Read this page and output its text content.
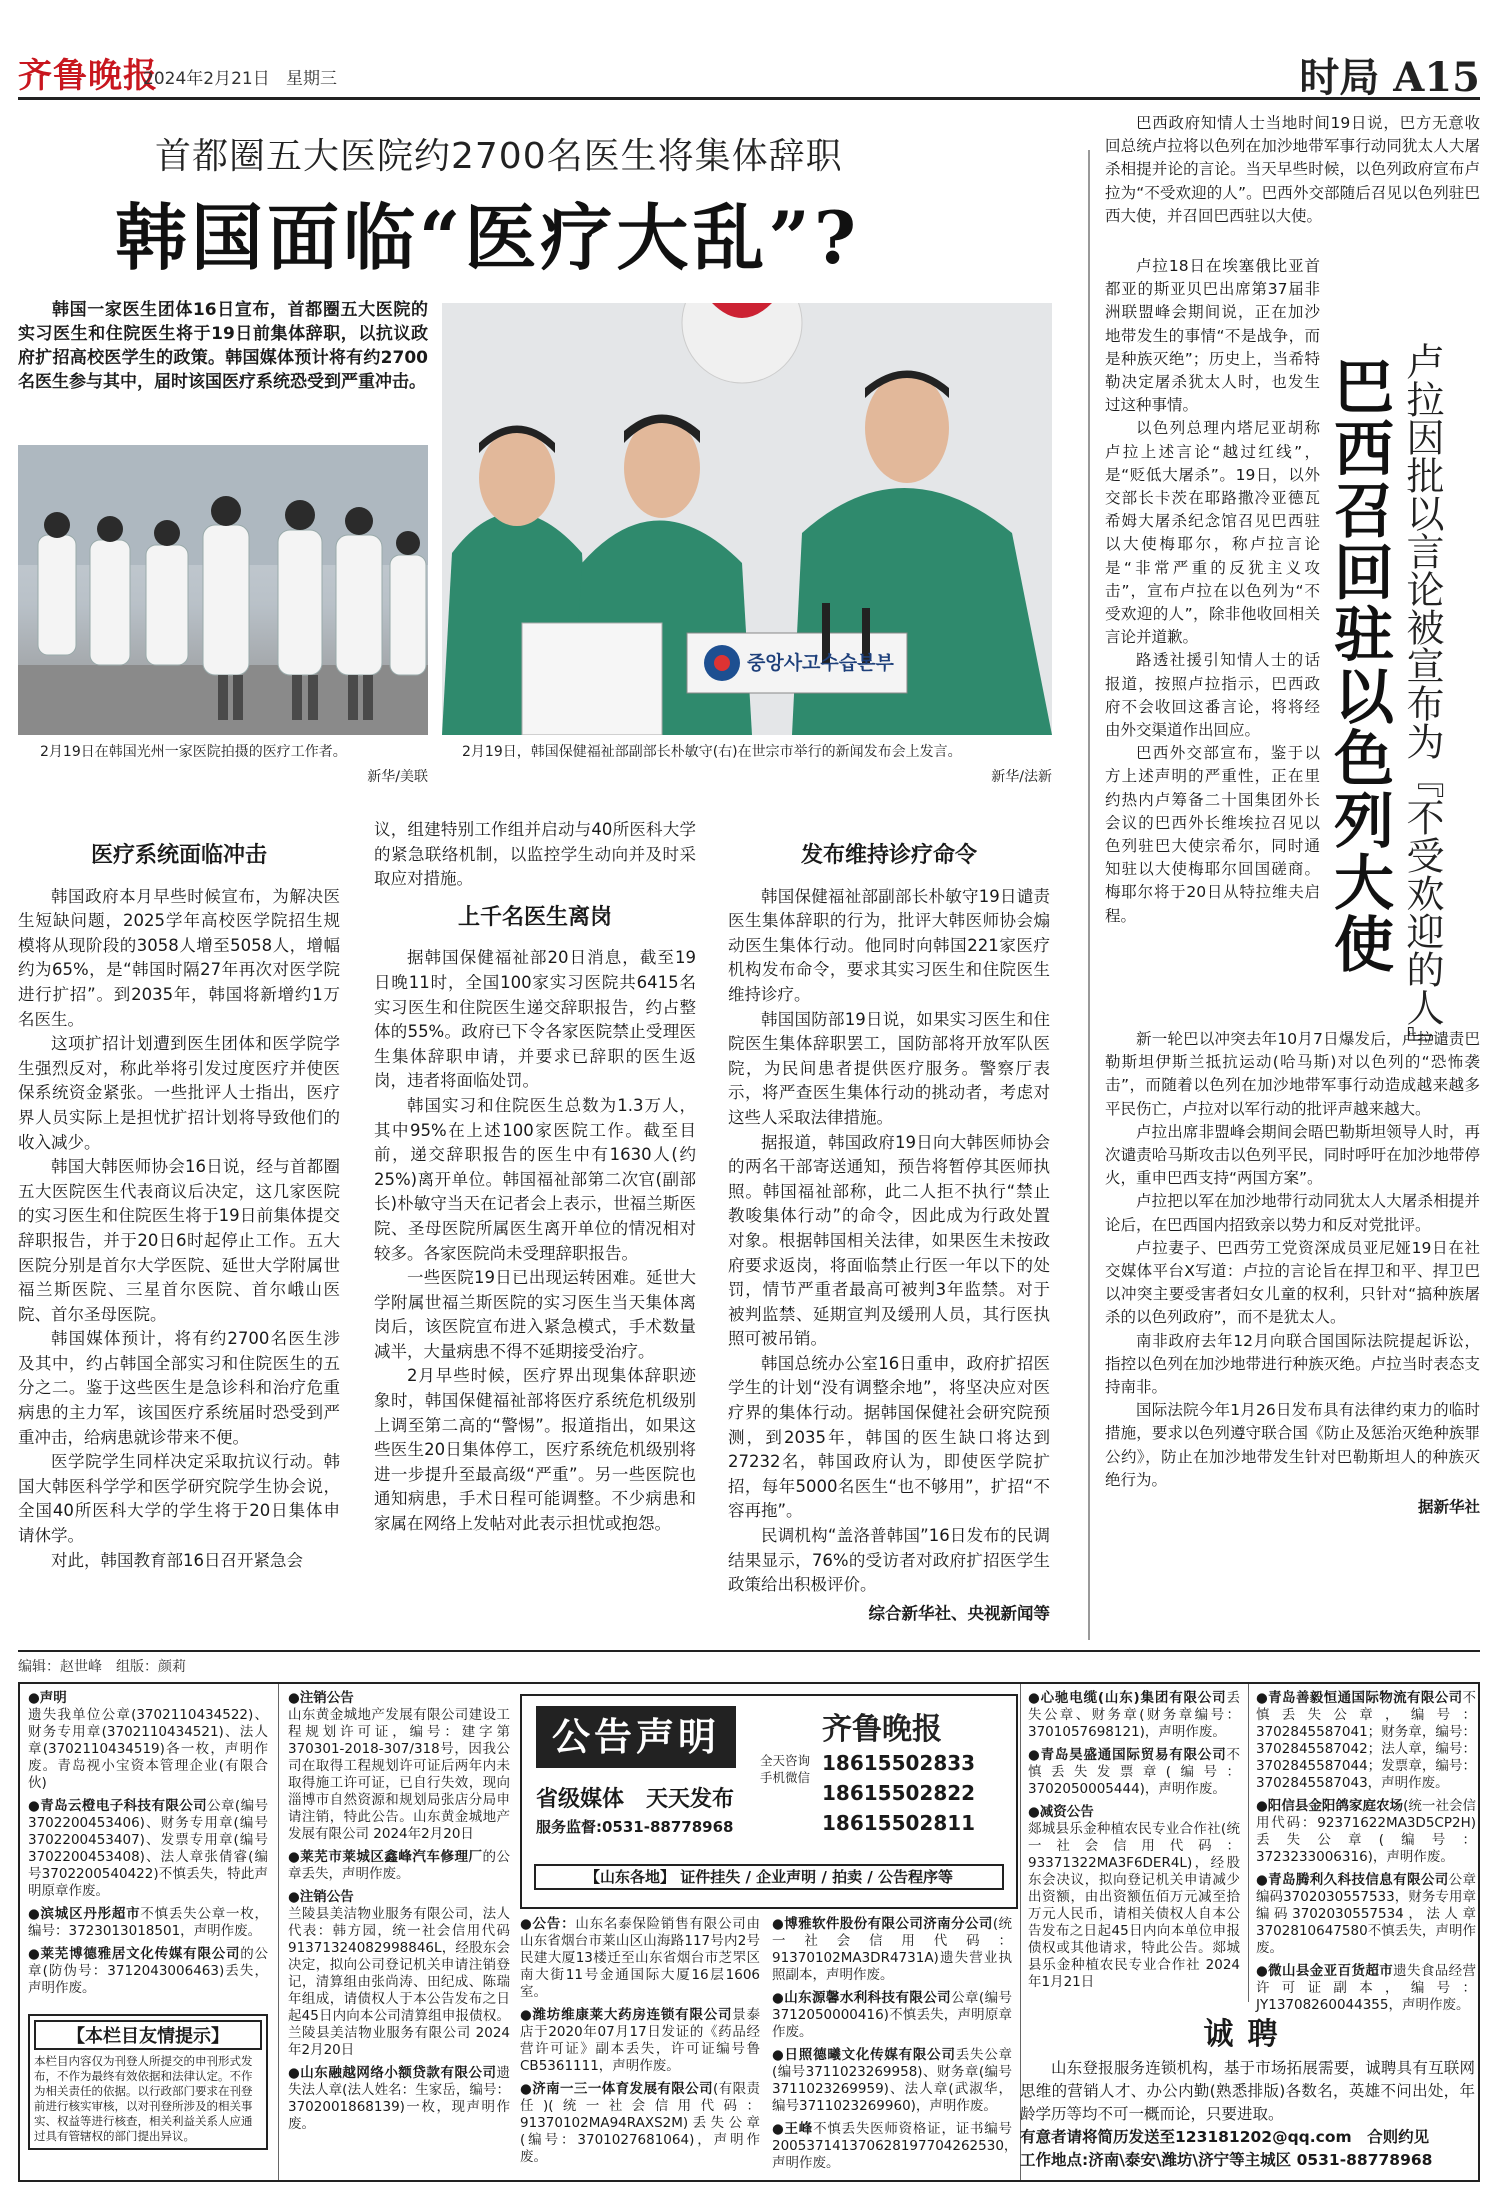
齐鲁晚报
2024年2月21日 星期三	时局 A15
首都圈五大医院约2700名医生将集体辞职
韩国面临“医疗大乱”?
韩国一家医生团体16日宣布，首都圈五大医院的实习医生和住院医生将于19日前集体辞职，以抗议政府扩招高校医学生的政策。韩国媒体预计将有约2700名医生参与其中，届时该国医疗系统恐受到严重冲击。
2月19日在韩国光州一家医院拍摄的医疗工作者。
新华/美联
중앙사고수습본부
2月19日，韩国保健福祉部副部长朴敏守(右)在世宗市举行的新闻发布会上发言。
新华/法新
医疗系统面临冲击

韩国政府本月早些时候宣布，为解决医生短缺问题，2025学年高校医学院招生规模将从现阶段的3058人增至5058人，增幅约为65%，是“韩国时隔27年再次对医学院进行扩招”。到2035年，韩国将新增约1万名医生。

这项扩招计划遭到医生团体和医学院学生强烈反对，称此举将引发过度医疗并使医保系统资金紧张。一些批评人士指出，医疗界人员实际上是担忧扩招计划将导致他们的收入减少。

韩国大韩医师协会16日说，经与首都圈五大医院医生代表商议后决定，这几家医院的实习医生和住院医生将于19日前集体提交辞职报告，并于20日6时起停止工作。五大医院分别是首尔大学医院、延世大学附属世福兰斯医院、三星首尔医院、首尔峨山医院、首尔圣母医院。

韩国媒体预计，将有约2700名医生涉及其中，约占韩国全部实习和住院医生的五分之二。鉴于这些医生是急诊科和治疗危重病患的主力军，该国医疗系统届时恐受到严重冲击，给病患就诊带来不便。

医学院学生同样决定采取抗议行动。韩国大韩医科学学和医学研究院学生协会说，全国40所医科大学的学生将于20日集体申请休学。

对此，韩国教育部16日召开紧急会

议，组建特别工作组并启动与40所医科大学的紧急联络机制，以监控学生动向并及时采取应对措施。

上千名医生离岗

据韩国保健福祉部20日消息，截至19日晚11时，全国100家实习医院共6415名实习医生和住院医生递交辞职报告，约占整体的55%。政府已下令各家医院禁止受理医生集体辞职申请，并要求已辞职的医生返岗，违者将面临处罚。

韩国实习和住院医生总数为1.3万人，其中95%在上述100家医院工作。截至目前，递交辞职报告的医生中有1630人(约25%)离开单位。韩国福祉部第二次官(副部长)朴敏守当天在记者会上表示，世福兰斯医院、圣母医院所属医生离开单位的情况相对较多。各家医院尚未受理辞职报告。

一些医院19日已出现运转困难。延世大学附属世福兰斯医院的实习医生当天集体离岗后，该医院宣布进入紧急模式，手术数量减半，大量病患不得不延期接受治疗。

2月早些时候，医疗界出现集体辞职迹象时，韩国保健福祉部将医疗系统危机级别上调至第二高的“警惕”。报道指出，如果这些医生20日集体停工，医疗系统危机级别将进一步提升至最高级“严重”。另一些医院也通知病患，手术日程可能调整。不少病患和家属在网络上发帖对此表示担忧或抱怨。

发布维持诊疗命令

韩国保健福祉部副部长朴敏守19日谴责医生集体辞职的行为，批评大韩医师协会煽动医生集体行动。他同时向韩国221家医疗机构发布命令，要求其实习医生和住院医生维持诊疗。

韩国国防部19日说，如果实习医生和住院医生集体辞职罢工，国防部将开放军队医院，为民间患者提供医疗服务。警察厅表示，将严查医生集体行动的挑动者，考虑对这些人采取法律措施。

据报道，韩国政府19日向大韩医师协会的两名干部寄送通知，预告将暂停其医师执照。韩国福祉部称，此二人拒不执行“禁止教唆集体行动”的命令，因此成为行政处置对象。根据韩国相关法律，如果医生未按政府要求返岗，将面临禁止行医一年以下的处罚，情节严重者最高可被判3年监禁。对于被判监禁、延期宣判及缓刑人员，其行医执照可被吊销。

韩国总统办公室16日重申，政府扩招医学生的计划“没有调整余地”，将坚决应对医疗界的集体行动。据韩国保健社会研究院预测，到2035年，韩国的医生缺口将达到27232名，韩国政府认为，即使医学院扩招，每年5000名医生“也不够用”，扩招“不容再拖”。

民调机构“盖洛普韩国”16日发布的民调结果显示，76%的受访者对政府扩招医学生政策给出积极评价。

综合新华社、央视新闻等

巴西政府知情人士当地时间19日说，巴方无意收回总统卢拉将以色列在加沙地带军事行动同犹太人大屠杀相提并论的言论。当天早些时候，以色列政府宣布卢拉为“不受欢迎的人”。巴西外交部随后召见以色列驻巴西大使，并召回巴西驻以大使。

卢拉18日在埃塞俄比亚首都亚的斯亚贝巴出席第37届非洲联盟峰会期间说，正在加沙地带发生的事情“不是战争，而是种族灭绝”；历史上，当希特勒决定屠杀犹太人时，也发生过这种事情。

以色列总理内塔尼亚胡称卢拉上述言论“越过红线”，是“贬低大屠杀”。19日，以外交部长卡茨在耶路撒冷亚德瓦希姆大屠杀纪念馆召见巴西驻以大使梅耶尔，称卢拉言论是“非常严重的反犹主义攻击”，宣布卢拉在以色列为“不受欢迎的人”，除非他收回相关言论并道歉。

路透社援引知情人士的话报道，按照卢拉指示，巴西政府不会收回这番言论，将将经由外交渠道作出回应。

巴西外交部宣布，鉴于以方上述声明的严重性，正在里约热内卢筹备二十国集团外长会议的巴西外长维埃拉召见以色列驻巴大使宗希尔，同时通知驻以大使梅耶尔回国磋商。梅耶尔将于20日从特拉维夫启程。	巴西召回驻以色列大使 卢拉因批以言论被宣布为『不受欢迎的人』

新一轮巴以冲突去年10月7日爆发后，卢拉谴责巴勒斯坦伊斯兰抵抗运动(哈马斯)对以色列的“恐怖袭击”，而随着以色列在加沙地带军事行动造成越来越多平民伤亡，卢拉对以军行动的批评声越来越大。

卢拉出席非盟峰会期间会晤巴勒斯坦领导人时，再次谴责哈马斯攻击以色列平民，同时呼吁在加沙地带停火，重申巴西支持“两国方案”。

卢拉把以军在加沙地带行动同犹太人大屠杀相提并论后，在巴西国内招致亲以势力和反对党批评。

卢拉妻子、巴西劳工党资深成员亚尼娅19日在社交媒体平台X写道：卢拉的言论旨在捍卫和平、捍卫巴以冲突主要受害者妇女儿童的权利，只针对“搞种族屠杀的以色列政府”，而不是犹太人。

南非政府去年12月向联合国国际法院提起诉讼，指控以色列在加沙地带进行种族灭绝。卢拉当时表态支持南非。

国际法院今年1月26日发布具有法律约束力的临时措施，要求以色列遵守联合国《防止及惩治灭绝种族罪公约》，防止在加沙地带发生针对巴勒斯坦人的种族灭绝行为。

据新华社
编辑：赵世峰　组版：颜莉

●声明
遗失我单位公章(3702110434522)、财务专用章(3702110434521)、法人章(3702110434519)各一枚，声明作废。青岛视小宝资本管理企业(有限合伙)

●青岛云橙电子科技有限公司公章(编号3702200453406)、财务专用章(编号3702200453407)、发票专用章(编号3702200453408)、法人章张倩睿(编号3702200540422)不慎丢失，特此声明原章作废。

●滨城区丹彤超市不慎丢失公章一枚，编号：3723013018501，声明作废。

●莱芜博德雅居文化传媒有限公司的公章(防伪号：3712043006463)丢失，声明作废。

【本栏目友情提示】
本栏目内容仅为刊登人所提交的申刊形式发布，不作为最终有效依据和法律认定。不作为相关责任的依据。以行政部门要求在刊登前进行核实审核，以对刊登所涉及的相关事实、权益等进行核查，相关利益关系人应通过具有管辖权的部门提出异议。

●注销公告
山东黄金城地产发展有限公司建设工程规划许可证，编号：建字第370301-2018-307/318号，因我公司在取得工程规划许可证后两年内未取得施工许可证，已自行失效，现向淄博市自然资源和规划局张店分局申请注销，特此公告。山东黄金城地产发展有限公司 2024年2月20日

●莱芜市莱城区鑫峰汽车修理厂的公章丢失，声明作废。

●注销公告
兰陵县美洁物业服务有限公司，法人代表：韩方园，统一社会信用代码91371324082998846L，经股东会决定，拟向公司登记机关申请注销登记，清算组由张尚涛、田纪成、陈瑞年组成，请债权人于本公告发布之日起45日内向本公司清算组申报债权。兰陵县美洁物业服务有限公司 2024年2月20日

●山东融越网络小额贷款有限公司遗失法人章(法人姓名：生家岳，编号：3702001868139)一枚，现声明作废。

公告声明
省级媒体　天天发布
服务监督:0531-88778968
齐鲁晚报
全天咨询 手机微信
18615502833
18615502822
18615502811
【山东各地】 证件挂失 / 企业声明 / 拍卖 / 公告程序等

●公告：山东名泰保险销售有限公司由山东省烟台市莱山区山海路117号内2号民建大厦13楼迁至山东省烟台市芝罘区南大街11号金通国际大厦16层1606室。

●潍坊维康莱大药房连锁有限公司景泰店于2020年07月17日发证的《药品经营许可证》副本丢失，许可证编号鲁CB5361111，声明作废。

●济南一三一体育发展有限公司(有限责任)(统一社会信用代码：91370102MA94RAXS2M)丢失公章(编号：3701027681064)，声明作废。

●博雅软件股份有限公司济南分公司(统一社会信用代码：91370102MA3DR4731A)遗失营业执照副本，声明作废。

●山东源馨水利科技有限公司公章(编号3712050000416)不慎丢失，声明原章作废。

●日照德曦文化传媒有限公司丢失公章(编号3711023269958)、财务章(编号3711023269959)、法人章(武淑华，编号3711023269960)，声明作废。

●王峰不慎丢失医师资格证，证书编号200537141370628197704262530，声明作废。

●心驰电缆(山东)集团有限公司丢失公章、财务章(财务章编号：3701057698121)，声明作废。

●青岛昊盛通国际贸易有限公司不慎丢失发票章(编号：3702050005444)，声明作废。

●减资公告
郯城县乐金种植农民专业合作社(统一社会信用代码：93371322MA3F6DER4L)，经股东会决议，拟向登记机关申请减少出资额，由出资额伍佰万元减至拾万元人民币，请相关债权人自本公告发布之日起45日内向本单位申报债权或其他请求，特此公告。郯城县乐金种植农民专业合作社 2024年1月21日

●青岛善毅恒通国际物流有限公司不慎丢失公章，编号：3702845587041；财务章，编号：3702845587042；法人章，编号：3702845587044；发票章，编号：3702845587043，声明作废。

●阳信县金阳鸽家庭农场(统一社会信用代码：92371622MA3D5CP2H)丢失公章(编号：3723233006316)，声明作废。

●青岛腾利久科技信息有限公司公章编码3702030557533，财务专用章编码3702030557534，法人章3702810647580不慎丢失，声明作废。

●微山县金亚百货超市遗失食品经营许可证副本，编号：JY13708260044355，声明作废。

诚聘

山东登报服务连锁机构，基于市场拓展需要，诚聘具有互联网思维的营销人才、办公内勤(熟悉排版)各数名，英雄不问出处，年龄学历等均不可一概而论，只要进取。

有意者请将简历发送至123181202@qq.com　合则约见

工作地点:济南\泰安\潍坊\济宁等主城区 0531-88778968
